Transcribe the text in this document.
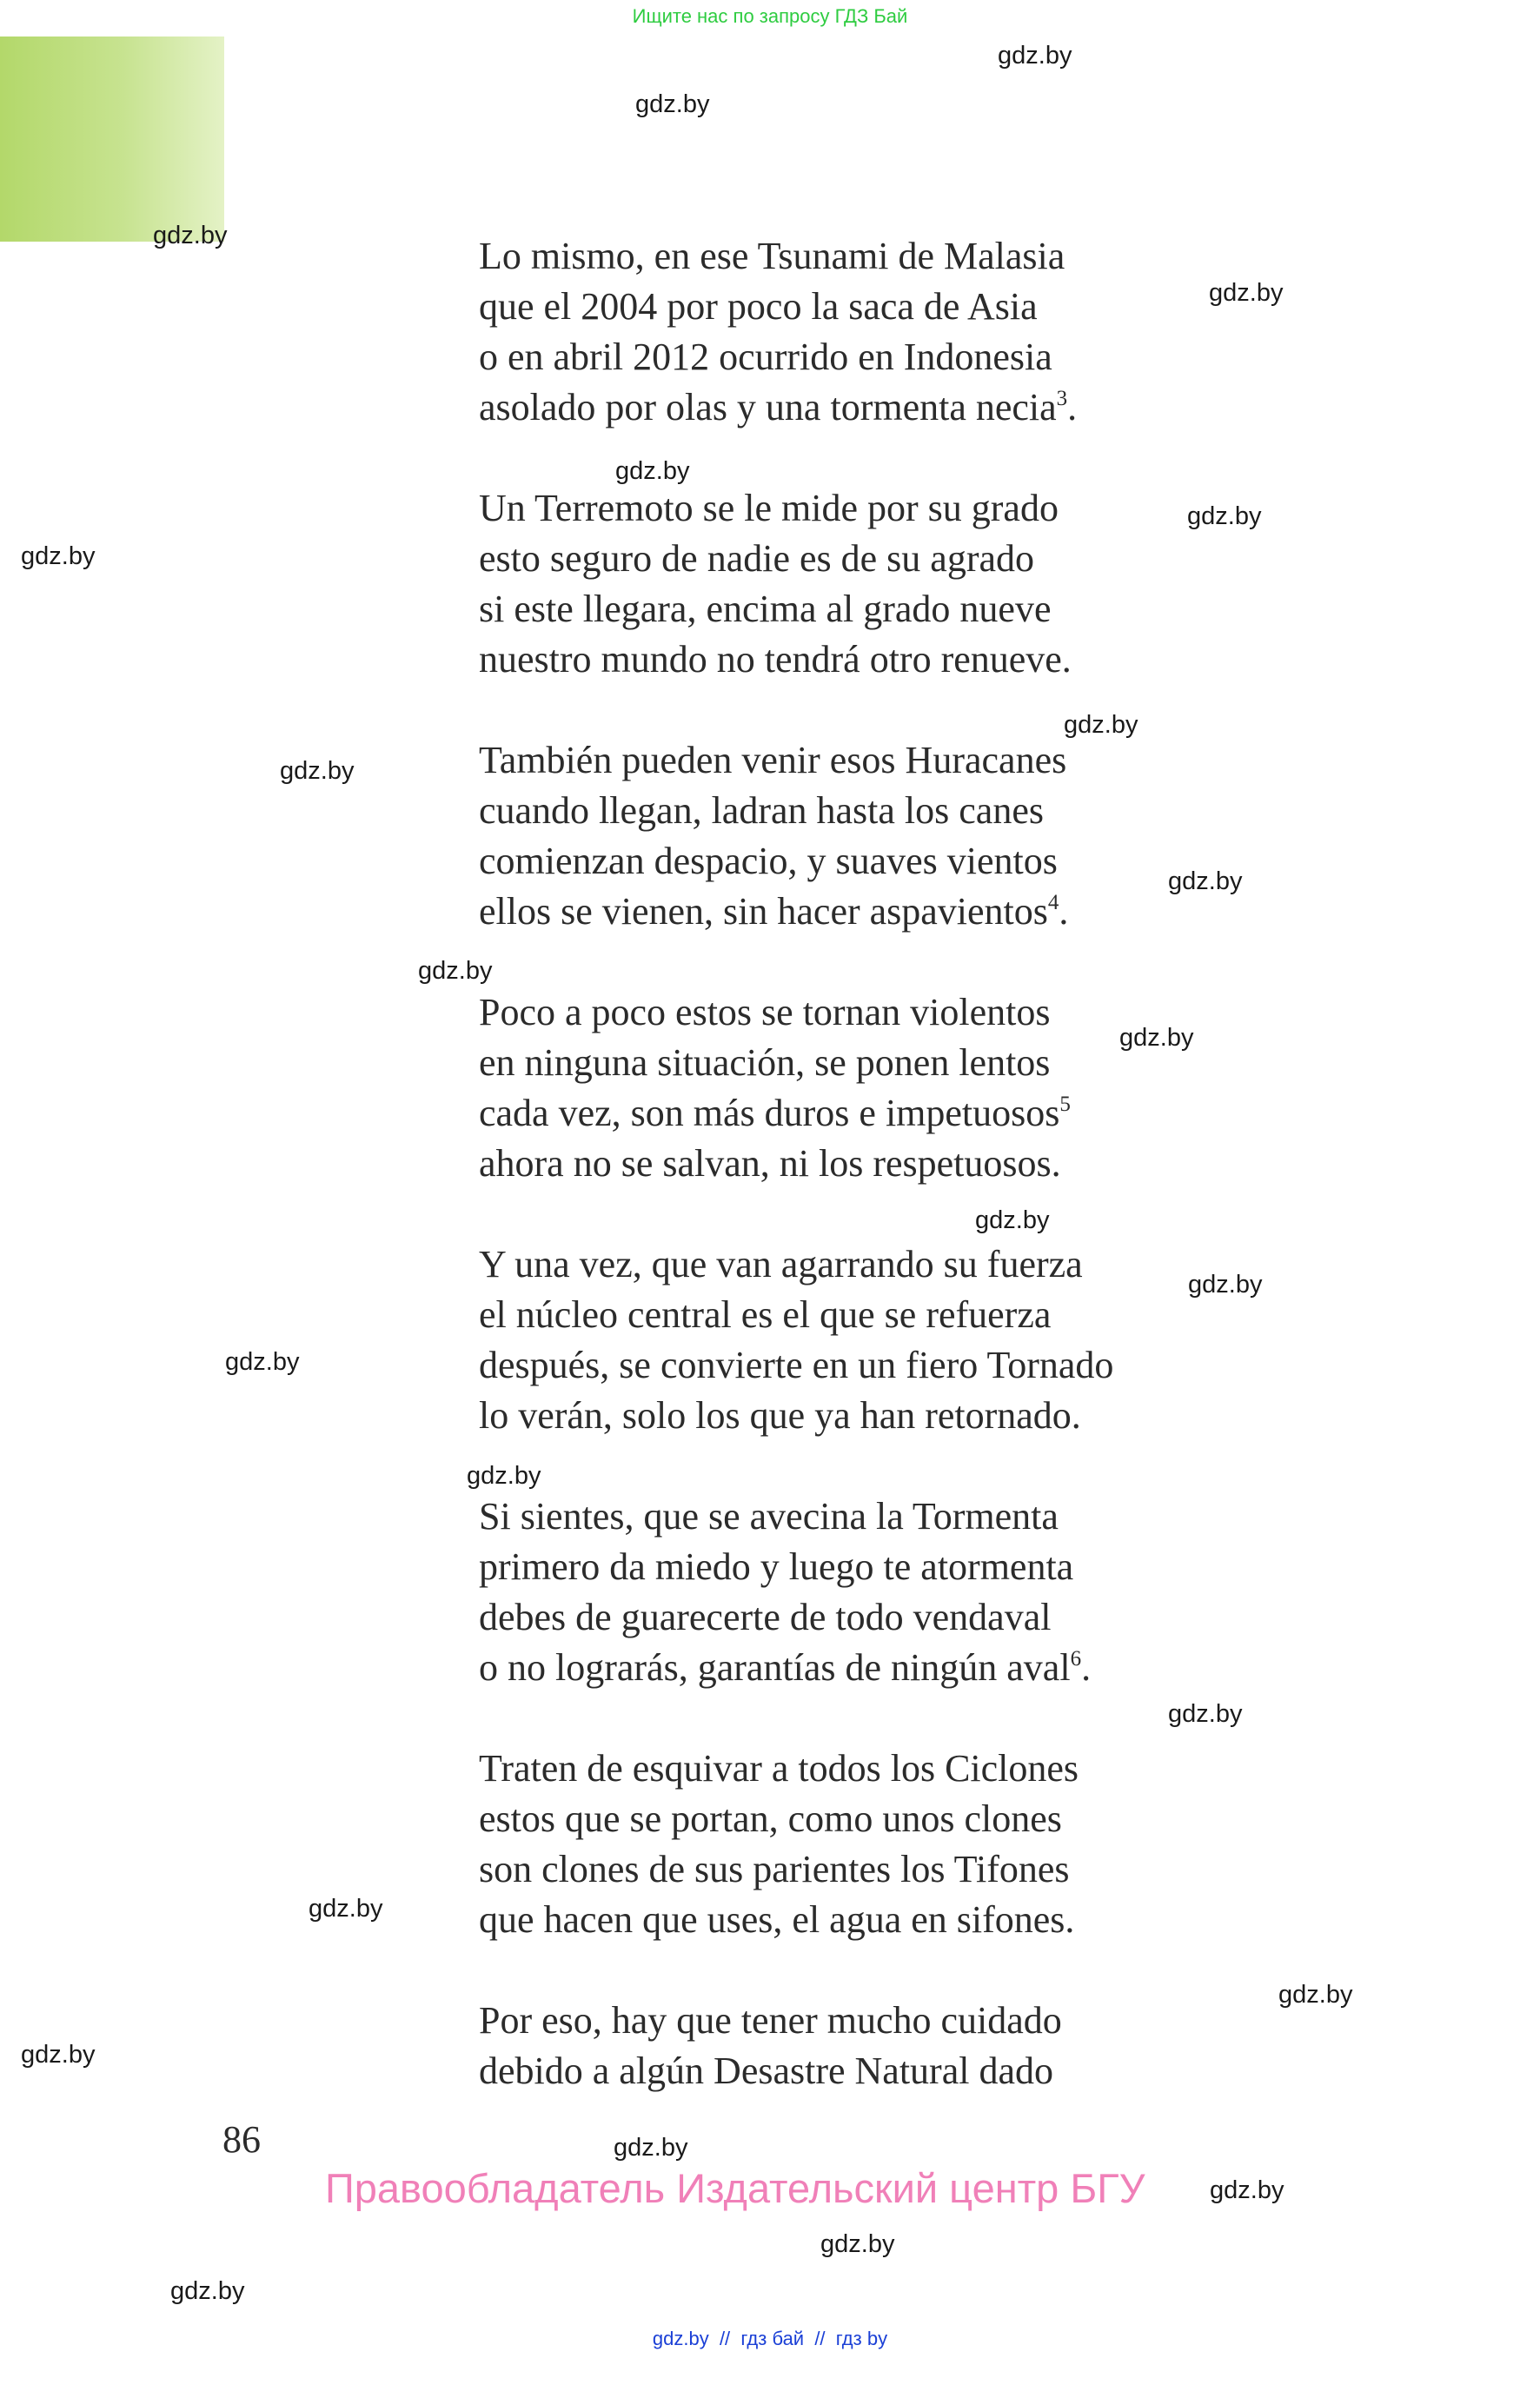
Ищите нас по запросу ГДЗ Бай
gdz.by
gdz.by
gdz.by
gdz.by
gdz.by
gdz.by
gdz.by
gdz.by
gdz.by
gdz.by
gdz.by
gdz.by
gdz.by
gdz.by
gdz.by
gdz.by
gdz.by
gdz.by
gdz.by
gdz.by
gdz.by
gdz.by
gdz.by
gdz.by
Lo mismo, en ese Tsunami de Malasia
que el 2004 por poco la saca de Asia
o en abril 2012 ocurrido en Indonesia
asolado por olas y una tormenta necia$^3$.
Un Terremoto se le mide por su grado
esto seguro de nadie es de su agrado
si este llegara, encima al grado nueve
nuestro mundo no tendrá otro renueve.
También pueden venir esos Huracanes
cuando llegan, ladran hasta los canes
comienzan despacio, y suaves vientos
ellos se vienen, sin hacer aspavientos$^4$.
Poco a poco estos se tornan violentos
en ninguna situación, se ponen lentos
cada vez, son más duros e impetuosos$^5$
ahora no se salvan, ni los respetuosos.
Y una vez, que van agarrando su fuerza
el núcleo central es el que se refuerza
después, se convierte en un fiero Tornado
lo verán, solo los que ya han retornado.
Si sientes, que se avecina la Tormenta
primero da miedo y luego te atormenta
debes de guarecerte de todo vendaval
o no lograrás, garantías de ningún aval$^6$.
Traten de esquivar a todos los Ciclones
estos que se portan, como unos clones
son clones de sus parientes los Tifones
que hacen que uses, el agua en sifones.
Por eso, hay que tener mucho cuidado
debido a algún Desastre Natural dado
86
Правообладатель Издательский центр БГУ
gdz.by  //  гдз бай  //  гдз by
